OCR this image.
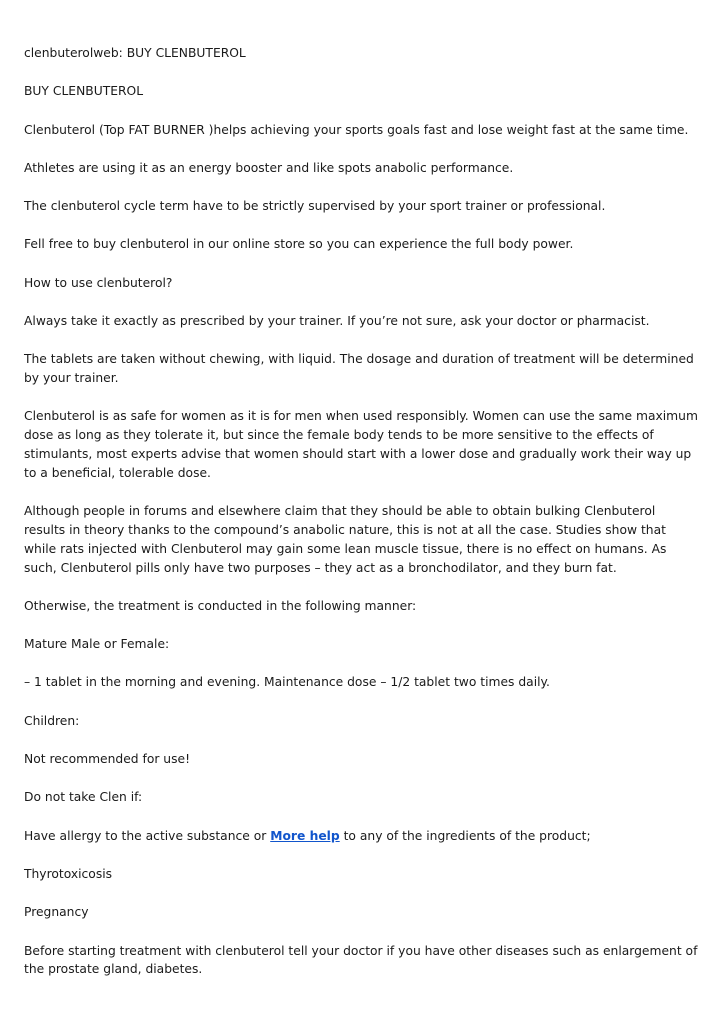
clenbuterolweb: BUY CLENBUTEROL

BUY CLENBUTEROL

Clenbuterol (Top FAT BURNER )helps achieving your sports goals fast and lose weight fast at the same time.

Athletes are using it as an energy booster and like spots anabolic performance.

The clenbuterol cycle term have to be strictly supervised by your sport trainer or professional.

Fell free to buy clenbuterol in our online store so you can experience the full body power.

How to use clenbuterol?

Always take it exactly as prescribed by your trainer. If you’re not sure, ask your doctor or pharmacist.

The tablets are taken without chewing, with liquid. The dosage and duration of treatment will be determined by your trainer.

Clenbuterol is as safe for women as it is for men when used responsibly. Women can use the same maximum dose as long as they tolerate it, but since the female body tends to be more sensitive to the effects of stimulants, most experts advise that women should start with a lower dose and gradually work their way up to a beneficial, tolerable dose.

Although people in forums and elsewhere claim that they should be able to obtain bulking Clenbuterol results in theory thanks to the compound’s anabolic nature, this is not at all the case. Studies show that while rats injected with Clenbuterol may gain some lean muscle tissue, there is no effect on humans. As such, Clenbuterol pills only have two purposes – they act as a bronchodilator, and they burn fat.

Otherwise, the treatment is conducted in the following manner:

Mature Male or Female:

– 1 tablet in the morning and evening. Maintenance dose – 1/2 tablet two times daily.

Children:

Not recommended for use!

Do not take Clen if:

Have allergy to the active substance or More help to any of the ingredients of the product;

Thyrotoxicosis

Pregnancy

Before starting treatment with clenbuterol tell your doctor if you have other diseases such as enlargement of the prostate gland, diabetes.
